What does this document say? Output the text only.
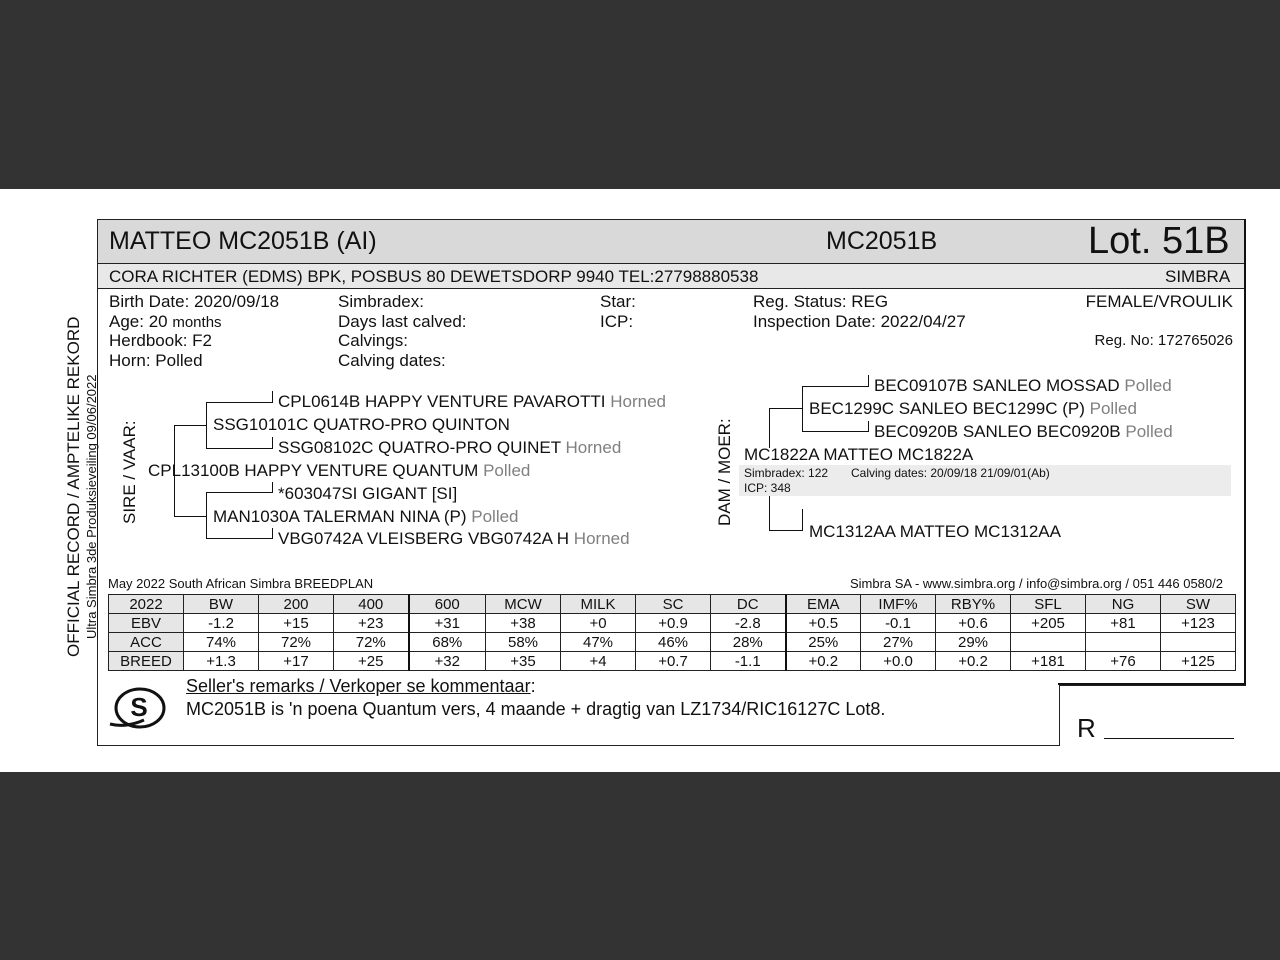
MATTEO MC2051B (AI)	MC2051B	Lot. 51B
CORA RICHTER (EDMS) BPK, POSBUS 80 DEWETSDORP 9940 TEL:27798880538	SIMBRA
OFFICIAL RECORD / AMPTELIKE REKORD Ultra Simbra 3de Produksieveiling 09/06/2022
Birth Date: 2020/09/18
Age: 20 months
Herdbook: F2
Horn: Polled
Simbradex:
Days last calved:
Calvings:
Calving dates:
Star:
ICP:
Reg. Status: REG
Inspection Date: 2022/04/27
FEMALE/VROULIK
Reg. No: 172765026
SIRE / VAAR:
CPL0614B HAPPY VENTURE PAVAROTTI Horned
SSG10101C QUATRO-PRO QUINTON
SSG08102C QUATRO-PRO QUINET Horned
CPL13100B HAPPY VENTURE QUANTUM Polled
*603047SI GIGANT [SI]
MAN1030A TALERMAN NINA (P) Polled
VBG0742A VLEISBERG VBG0742A H Horned
DAM / MOER:
BEC09107B SANLEO MOSSAD Polled
BEC1299C SANLEO BEC1299C (P) Polled
BEC0920B SANLEO BEC0920B Polled
MC1822A MATTEO MC1822A
Simbradex: 122 Calving dates: 20/09/18 21/09/01(Ab)
ICP: 348
MC1312AA MATTEO MC1312AA
May 2022 South African Simbra BREEDPLAN	Simbra SA - www.simbra.org / info@simbra.org / 051 446 0580/2
2022	BW	200	400	600	MCW	MILK	SC	DC	EMA	IMF%	RBY%	SFL	NG	SW
EBV	-1.2	+15	+23	+31	+38	+0	+0.9	-2.8	+0.5	-0.1	+0.6	+205	+81	+123
ACC	74%	72%	72%	68%	58%	47%	46%	28%	25%	27%	29%			
BREED	+1.3	+17	+25	+32	+35	+4	+0.7	-1.1	+0.2	+0.0	+0.2	+181	+76	+125
S
Seller's remarks / Verkoper se kommentaar:
MC2051B is 'n poena Quantum vers, 4 maande + dragtig van LZ1734/RIC16127C Lot8.
R
